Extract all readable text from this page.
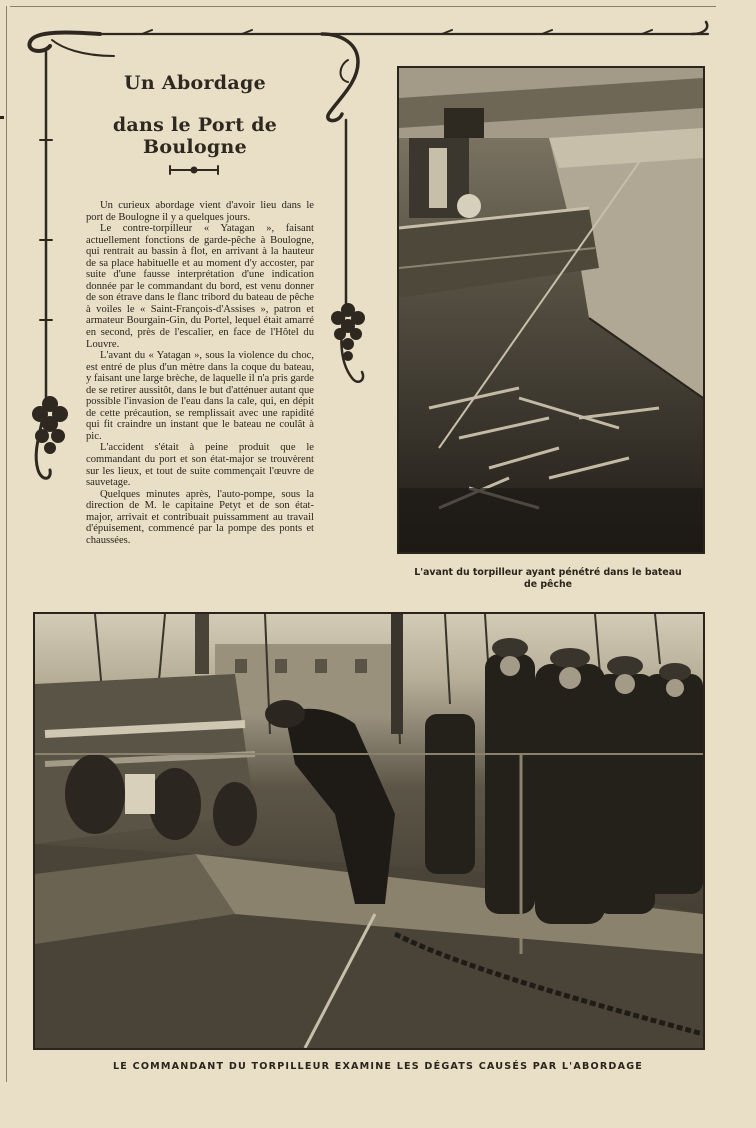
Un Abordage
dans le Port de Boulogne

Un curieux abordage vient d'avoir lieu dans le port de Boulogne il y a quelques jours.

Le contre-torpilleur « Yatagan », faisant actuellement fonctions de garde-pêche à Boulogne, qui rentrait au bassin à flot, en arrivant à la hauteur de sa place habituelle et au moment d'y accoster, par suite d'une fausse interprétation d'une indication donnée par le commandant du bord, est venu donner de son étrave dans le flanc tribord du bateau de pêche à voiles le « Saint-François-d'Assises », patron et armateur Bourgain-Gin, du Portel, lequel était amarré en second, près de l'escalier, en face de l'Hôtel du Louvre.

L'avant du « Yatagan », sous la violence du choc, est entré de plus d'un mètre dans la coque du bateau, y faisant une large brèche, de laquelle il n'a pris garde de se retirer aussitôt, dans le but d'atténuer autant que possible l'invasion de l'eau dans la cale, qui, en dépit de cette précaution, se remplissait avec une rapidité qui fit craindre un instant que le bateau ne coulât à pic.

L'accident s'était à peine produit que le commandant du port et son état-major se trouvèrent sur les lieux, et tout de suite commençait l'œuvre de sauvetage.

Quelques minutes après, l'auto-pompe, sous la direction de M. le capitaine Petyt et de son état-major, arrivait et contribuait puissamment au travail d'épuisement, commencé par la pompe des ponts et chaussées.

L'avant du torpilleur ayant pénétré dans le bateau de pêche
LE COMMANDANT DU TORPILLEUR EXAMINE LES DÉGATS CAUSÉS PAR L'ABORDAGE
